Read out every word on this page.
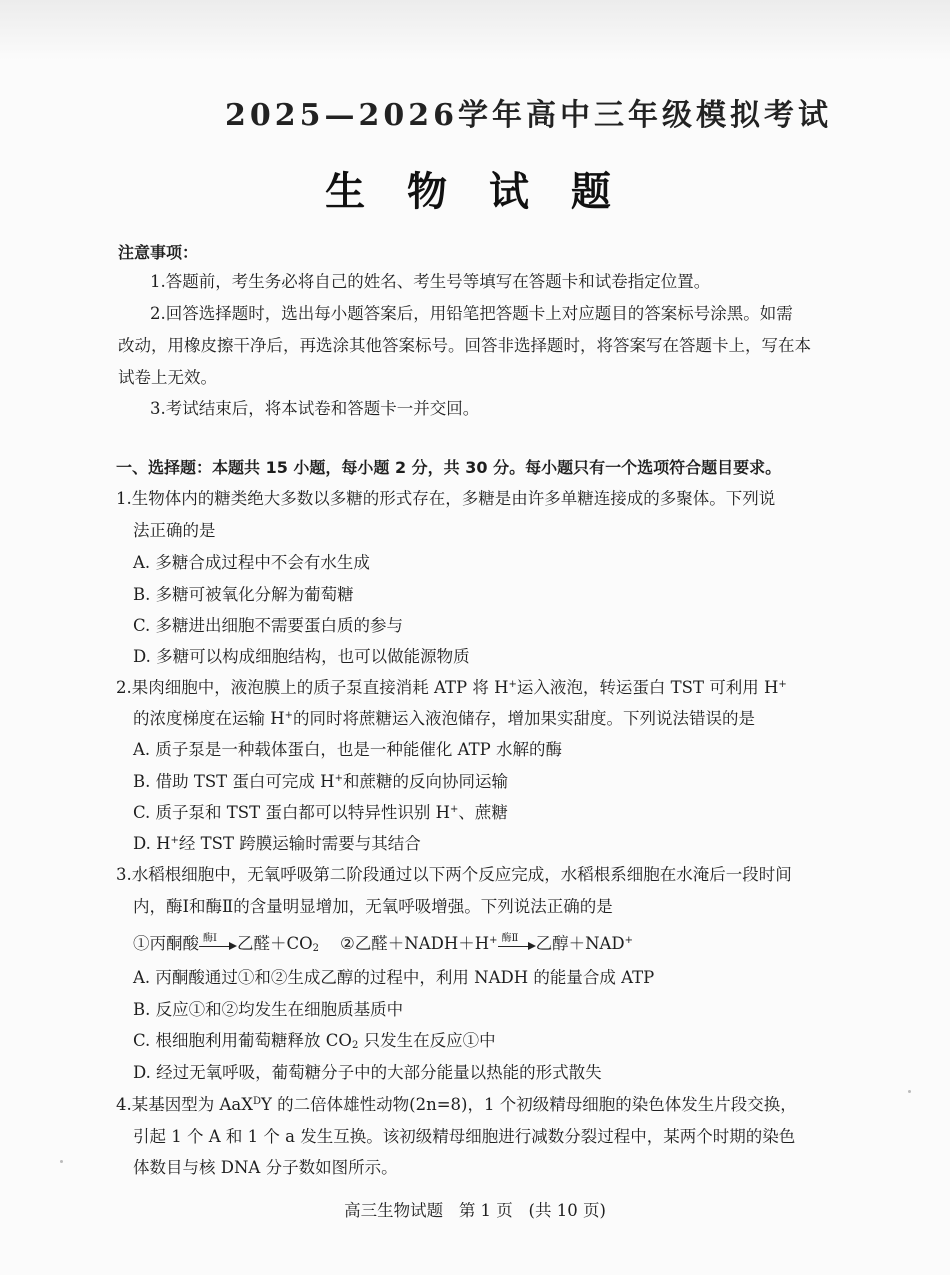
2025—2026学年高中三年级模拟考试
生 物 试 题
注意事项：
1.答题前，考生务必将自己的姓名、考生号等填写在答题卡和试卷指定位置。
2.回答选择题时，选出每小题答案后，用铅笔把答题卡上对应题目的答案标号涂黑。如需
改动，用橡皮擦干净后，再选涂其他答案标号。回答非选择题时，将答案写在答题卡上，写在本
试卷上无效。
3.考试结束后，将本试卷和答题卡一并交回。
一、选择题：本题共 15 小题，每小题 2 分，共 30 分。每小题只有一个选项符合题目要求。
1.生物体内的糖类绝大多数以多糖的形式存在，多糖是由许多单糖连接成的多聚体。下列说
法正确的是
A. 多糖合成过程中不会有水生成
B. 多糖可被氧化分解为葡萄糖
C. 多糖进出细胞不需要蛋白质的参与
D. 多糖可以构成细胞结构，也可以做能源物质
2.果肉细胞中，液泡膜上的质子泵直接消耗 ATP 将 H+运入液泡，转运蛋白 TST 可利用 H+
的浓度梯度在运输 H+的同时将蔗糖运入液泡储存，增加果实甜度。下列说法错误的是
A. 质子泵是一种载体蛋白，也是一种能催化 ATP 水解的酶
B. 借助 TST 蛋白可完成 H+和蔗糖的反向协同运输
C. 质子泵和 TST 蛋白都可以特异性识别 H+、蔗糖
D. H+经 TST 跨膜运输时需要与其结合
3.水稻根细胞中，无氧呼吸第二阶段通过以下两个反应完成，水稻根系细胞在水淹后一段时间
内，酶Ⅰ和酶Ⅱ的含量明显增加，无氧呼吸增强。下列说法正确的是
①丙酮酸 酶Ⅰ 乙醛$+CO_2$ ②乙醛＋NADH＋H+ 酶Ⅱ 乙醇＋NAD+
A. 丙酮酸通过①和②生成乙醇的过程中，利用 NADH 的能量合成 ATP
B. 反应①和②均发生在细胞质基质中
C. 根细胞利用葡萄糖释放 $CO_2$ 只发生在反应①中
D. 经过无氧呼吸，葡萄糖分子中的大部分能量以热能的形式散失
4.某基因型为 AaX$^D$Y 的二倍体雄性动物(2n=8)，1 个初级精母细胞的染色体发生片段交换，
引起 1 个 A 和 1 个 a 发生互换。该初级精母细胞进行减数分裂过程中，某两个时期的染色
体数目与核 DNA 分子数如图所示。
高三生物试题   第 1 页   (共 10 页)
